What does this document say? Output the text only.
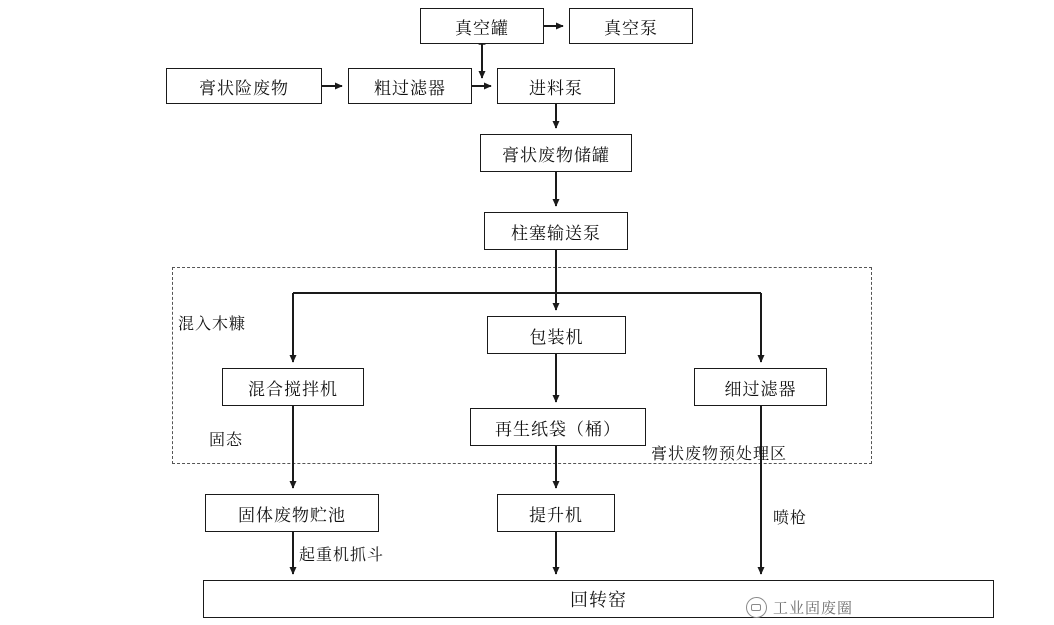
真空罐	真空泵
膏状险废物	粗过滤器	进料泵
膏状废物储罐
柱塞输送泵
包装机
混合搅拌机	细过滤器
再生纸袋（桶）
固体废物贮池	提升机
回转窑
混入木糠
固态
起重机抓斗
喷枪
膏状废物预处理区
工业固废圈
